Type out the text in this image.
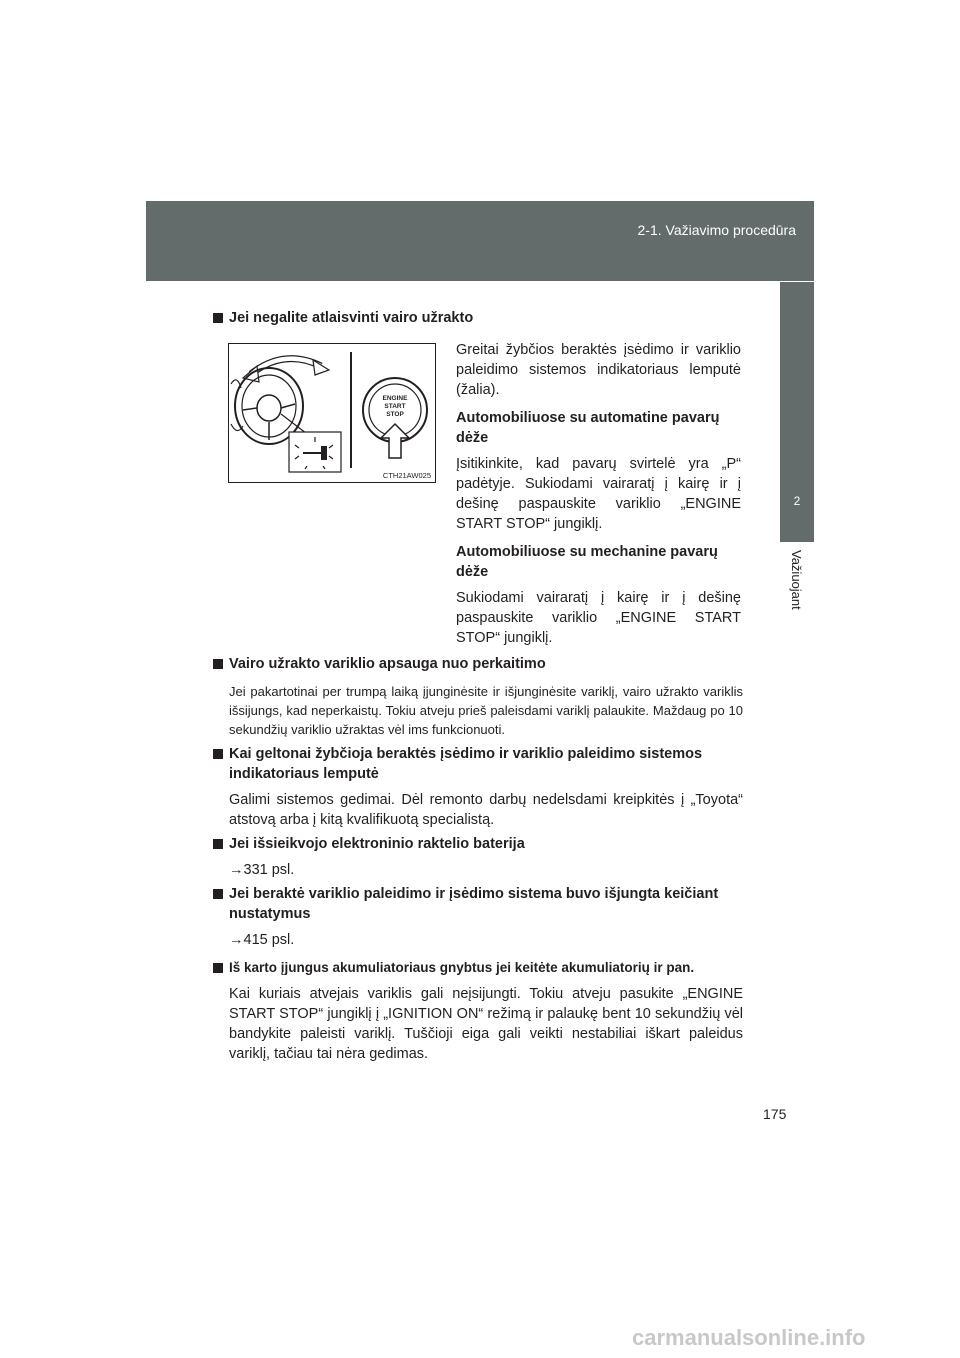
2-1. Važiavimo procedūra
2
Važiuojant
Jei negalite atlaisvinti vairo užrakto
ENGINE
START
STOP
CTH21AW025
Greitai žybčios beraktės įsėdimo ir variklio paleidimo sistemos indikatoriaus lemputė (žalia).
Automobiliuose su automatine pavarų dėže
Įsitikinkite, kad pavarų svirtelė yra „P“ padėtyje. Sukiodami vairaratį į kairę ir į dešinę paspauskite variklio „ENGINE START STOP“ jungiklį.
Automobiliuose su mechanine pavarų dėže
Sukiodami vairaratį į kairę ir į dešinę paspauskite variklio „ENGINE START STOP“ jungiklį.
Vairo užrakto variklio apsauga nuo perkaitimo
Jei pakartotinai per trumpą laiką įjunginėsite ir išjunginėsite variklį, vairo užrakto variklis išsijungs, kad neperkaistų. Tokiu atveju prieš paleisdami variklį palaukite. Maždaug po 10 sekundžių variklio užraktas vėl ims funkcionuoti.
Kai geltonai žybčioja beraktės įsėdimo ir variklio paleidimo sistemos indikatoriaus lemputė
Galimi sistemos gedimai. Dėl remonto darbų nedelsdami kreipkitės į „Toyota“ atstovą arba į kitą kvalifikuotą specialistą.
Jei išsieikvojo elektroninio raktelio baterija
→331 psl.
Jei beraktė variklio paleidimo ir įsėdimo sistema buvo išjungta keičiant nustatymus
→415 psl.
Iš karto įjungus akumuliatoriaus gnybtus jei keitėte akumuliatorių ir pan.
Kai kuriais atvejais variklis gali neįsijungti. Tokiu atveju pasukite „ENGINE START STOP“ jungiklį į „IGNITION ON“ režimą ir palaukę bent 10 sekundžių vėl bandykite paleisti variklį. Tuščioji eiga gali veikti nestabiliai iškart paleidus variklį, tačiau tai nėra gedimas.
175
carmanualsonline.info
